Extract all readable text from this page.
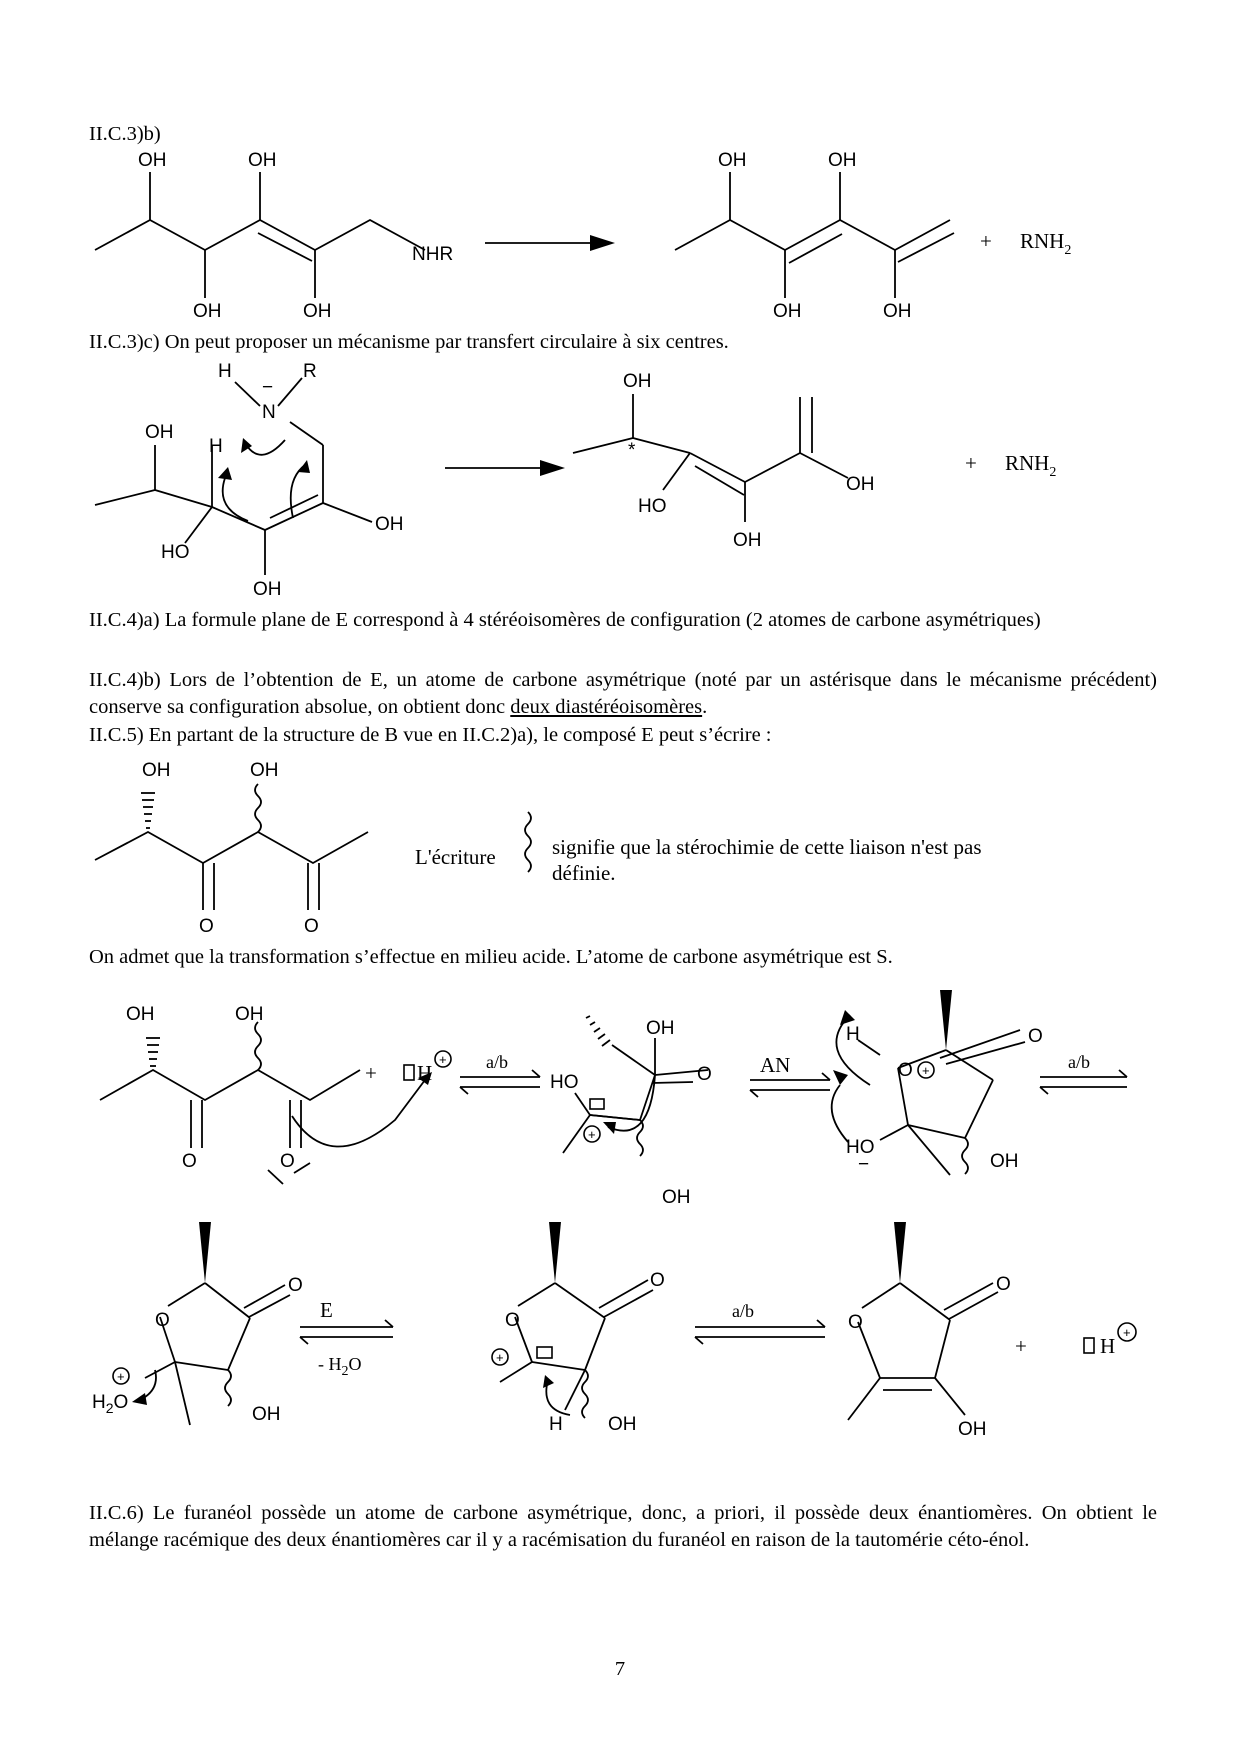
II.C.3)b)
OH	OH
OH	OH
NHR
OH	OH
OH	OH
+ $RNH_2$
II.C.3)c) On peut proposer un mécanisme par transfert circulaire à six centres.
H	R
−
N
OH
H
OH
HO
OH
OH
*
HO
OH
OH
+ $RNH_2$
II.C.4)a) La formule plane de E correspond à 4 stéréoisomères de configuration (2 atomes de carbone asymétriques)
II.C.4)b) Lors de l’obtention de E, un atome de carbone asymétrique (noté par un astérisque dans le mécanisme précédent) conserve sa configuration absolue, on obtient donc deux diastéréoisomères.
II.C.5) En partant de la structure de B vue en II.C.2)a), le composé E peut s’écrire :
OH	OH
O	O
L'écriture	signifie que la stérochimie de cette liaison n'est pas
définie.
On admet que la transformation s’effectue en milieu acide. L’atome de carbone asymétrique est S.
OH	OH
O	O
+ H
+ a/b
+
OH
HO	O
OH
AN
H
O +
O
HO
−	OH
a/b
O
O
+
$H_2O$
OH
E
- $H_2O$	+
O
O
H OH
a/b
O
O
OH
+	H
+
II.C.6) Le furanéol possède un atome de carbone asymétrique, donc, a priori, il possède deux énantiomères. On obtient le mélange racémique des deux énantiomères car il y a racémisation du furanéol en raison de la tautomérie céto-énol.
7
